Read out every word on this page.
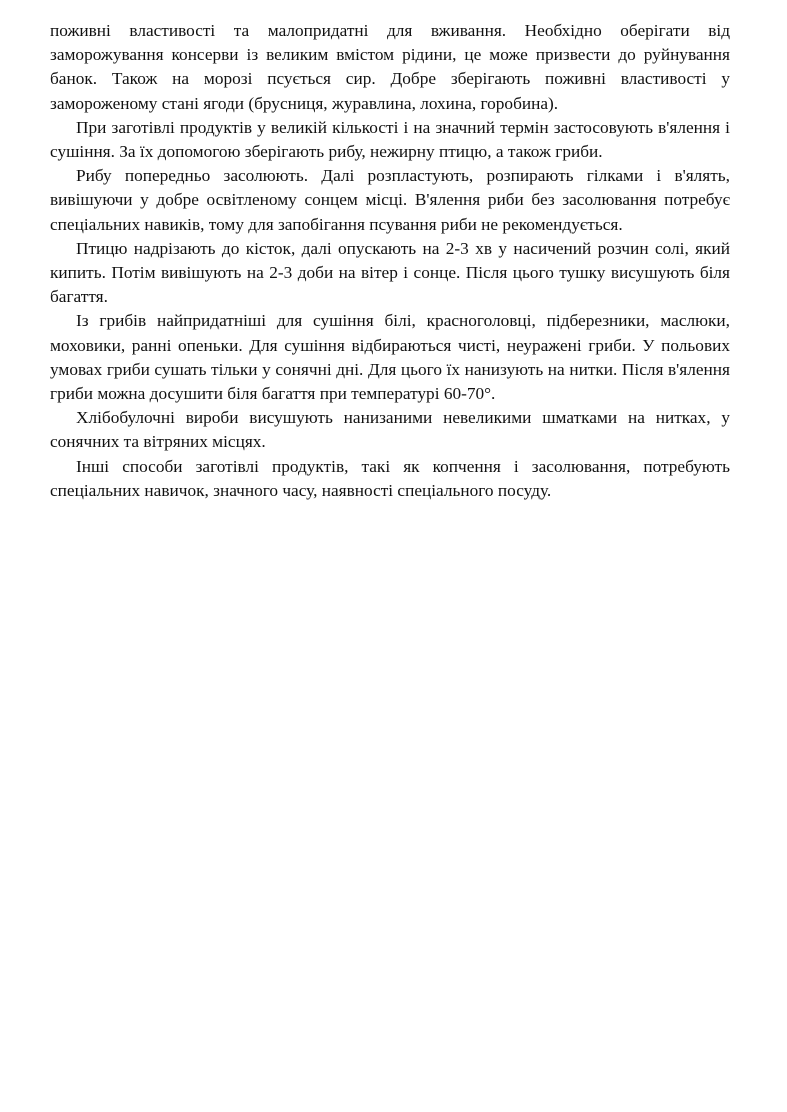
поживні властивості та малопридатні для вживання. Необхідно оберігати від заморожування консерви із великим вмістом рідини, це може призвести до руйнування банок. Також на морозі псується сир. Добре зберігають поживні властивості у замороженому стані ягоди (брусниця, журавлина, лохина, горобина).

При заготівлі продуктів у великій кількості і на значний термін застосовують в'ялення і сушіння. За їх допомогою зберігають рибу, нежирну птицю, а також гриби.

Рибу попередньо засолюють. Далі розпластують, розпирають гілками і в'ялять, вивішуючи у добре освітленому сонцем місці. В'ялення риби без засолювання потребує спеціальних навиків, тому для запобігання псування риби не рекомендується.

Птицю надрізають до кісток, далі опускають на 2-3 хв у насичений розчин солі, який кипить. Потім вивішують на 2-3 доби на вітер і сонце. Після цього тушку висушують біля багаття.

Із грибів найпридатніші для сушіння білі, красноголовці, підберезники, маслюки, моховики, ранні опеньки. Для сушіння відбираються чисті, неуражені гриби. У польових умовах гриби сушать тільки у сонячні дні. Для цього їх нанизують на нитки. Після в'ялення гриби можна досушити біля багаття при температурі 60-70°.

Хлібобулочні вироби висушують нанизаними невеликими шматками на нитках, у сонячних та вітряних місцях.

Інші способи заготівлі продуктів, такі як копчення і засолювання, потребують спеціальних навичок, значного часу, наявності спеціального посуду.
